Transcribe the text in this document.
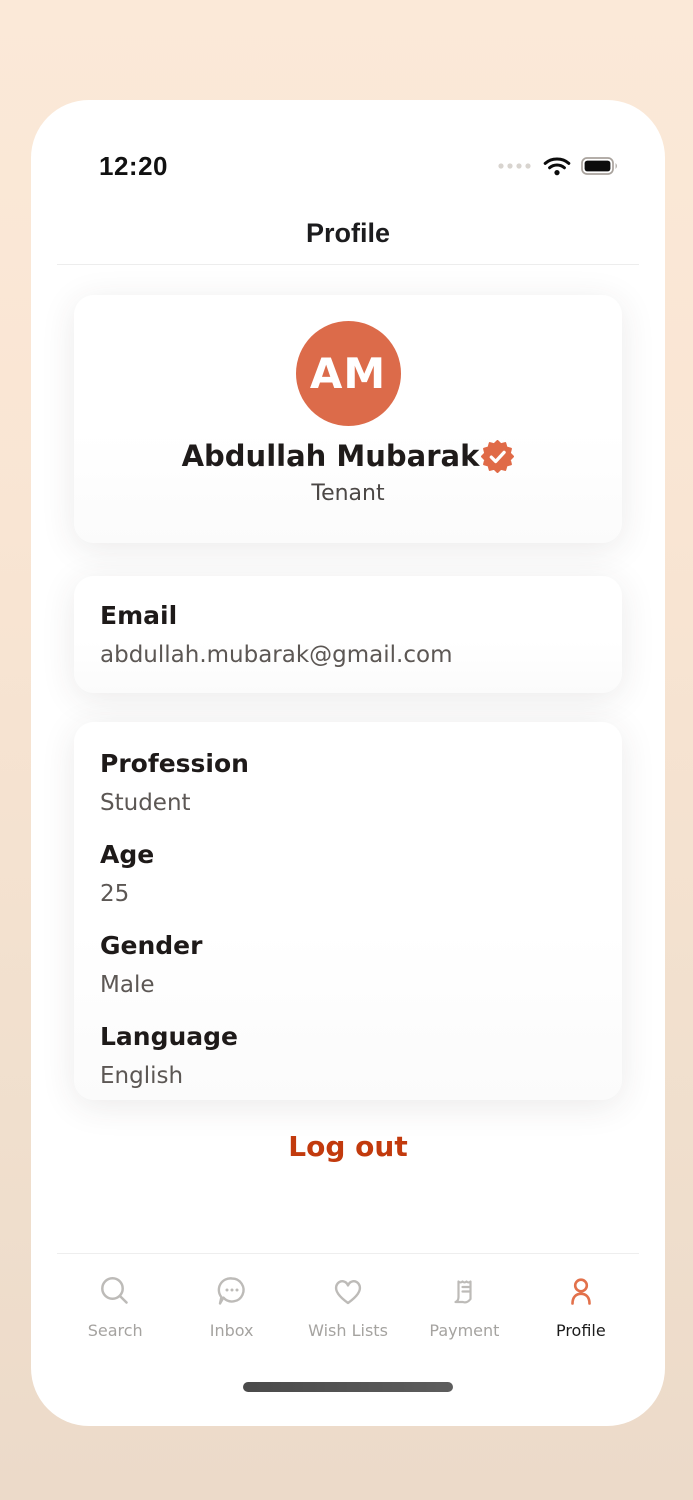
12:20
Profile
AM
Abdullah Mubarak
Tenant
Email
abdullah.mubarak@gmail.com
Profession
Student
Age
25
Gender
Male
Language
English
Log out
Search	Inbox	Wish Lists	Payment	Profile
